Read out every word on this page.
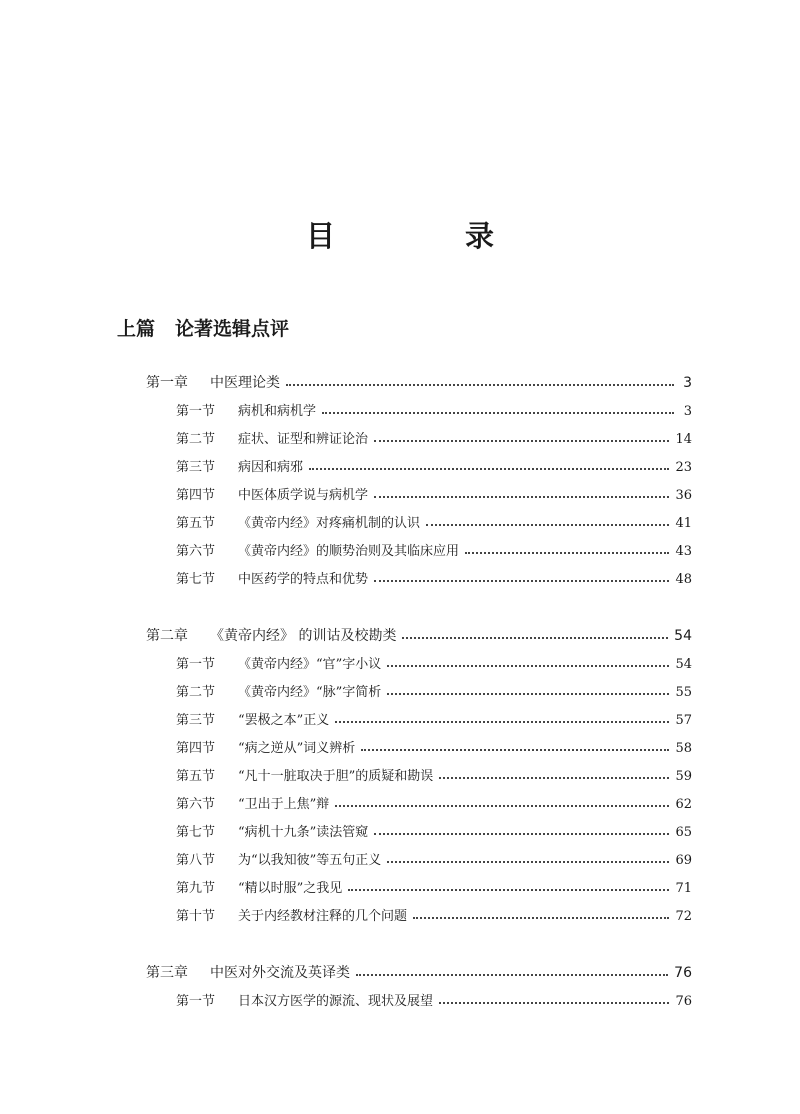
目 录
上篇 论著选辑点评
第一章 中医理论类	3
第一节 病机和病机学	3
第二节 症状、证型和辨证论治	14
第三节 病因和病邪	23
第四节 中医体质学说与病机学	36
第五节 《黄帝内经》对疼痛机制的认识	41
第六节 《黄帝内经》的顺势治则及其临床应用	43
第七节 中医药学的特点和优势	48
第二章 《黄帝内经》 的训诂及校勘类	54
第一节 《黄帝内经》“官”字小议	54
第二节 《黄帝内经》“脉”字简析	55
第三节 “罢极之本”正义	57
第四节 “病之逆从”词义辨析	58
第五节 “凡十一脏取决于胆”的质疑和勘误	59
第六节 “卫出于上焦”辩	62
第七节 “病机十九条”读法管窥	65
第八节 为“以我知彼”等五句正义	69
第九节 “精以时服”之我见	71
第十节 关于内经教材注释的几个问题	72
第三章 中医对外交流及英译类	76
第一节 日本汉方医学的源流、现状及展望	76
